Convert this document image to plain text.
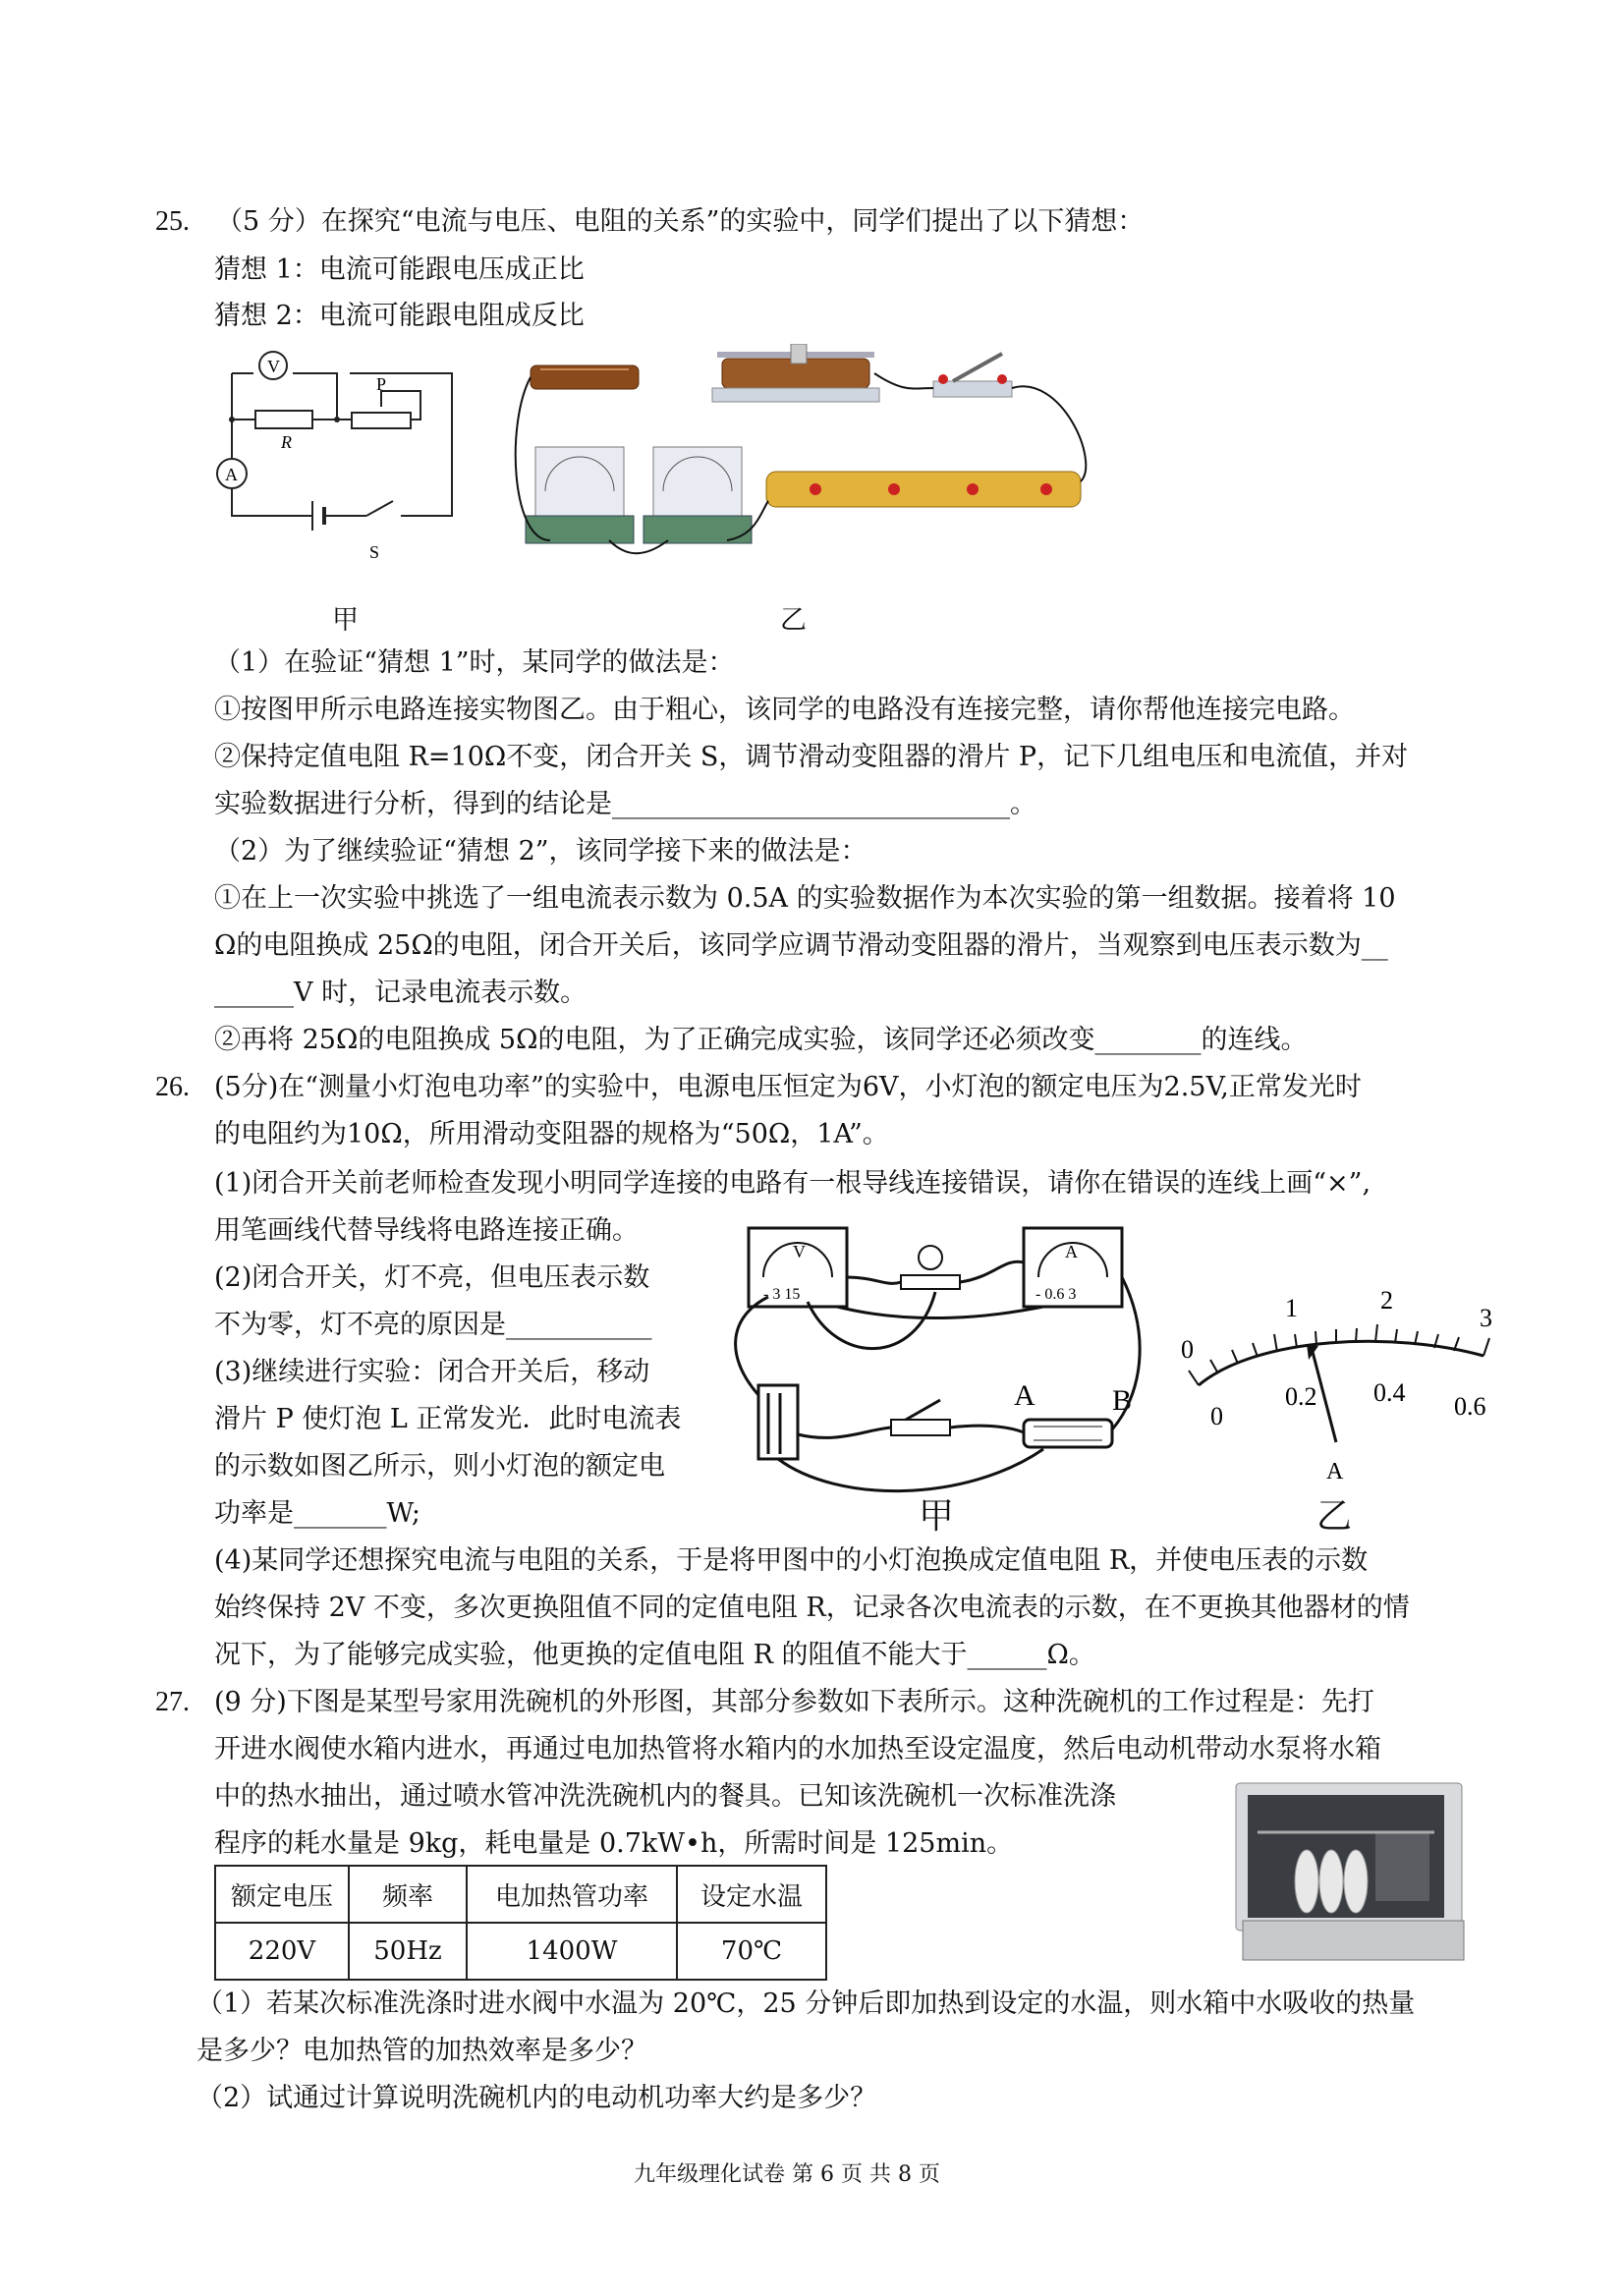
25. （5 分）在探究“电流与电压、电阻的关系”的实验中，同学们提出了以下猜想：
猜想 1：电流可能跟电压成正比
猜想 2：电流可能跟电阻成反比
V
A
R
P
S
甲	乙
（1）在验证“猜想 1”时，某同学的做法是：
①按图甲所示电路连接实物图乙。由于粗心，该同学的电路没有连接完整，请你帮他连接完电路。
②保持定值电阻 R=10Ω不变，闭合开关 S，调节滑动变阻器的滑片 P，记下几组电压和电流值，并对
实验数据进行分析，得到的结论是______________________________。
（2）为了继续验证“猜想 2”，该同学接下来的做法是：
①在上一次实验中挑选了一组电流表示数为 0.5A 的实验数据作为本次实验的第一组数据。接着将 10
Ω的电阻换成 25Ω的电阻，闭合开关后，该同学应调节滑动变阻器的滑片，当观察到电压表示数为__
______V 时，记录电流表示数。
②再将 25Ω的电阻换成 5Ω的电阻，为了正确完成实验，该同学还必须改变________的连线。
26. (5分)在“测量小灯泡电功率”的实验中，电源电压恒定为6V，小灯泡的额定电压为2.5V,正常发光时
的电阻约为10Ω，所用滑动变阻器的规格为“50Ω，1A”。
(1)闭合开关前老师检查发现小明同学连接的电路有一根导线连接错误，请你在错误的连线上画“×”,
用笔画线代替导线将电路连接正确。
(2)闭合开关，灯不亮，但电压表示数
不为零，灯不亮的原因是___________
(3)继续进行实验：闭合开关后，移动
滑片 P 使灯泡 L 正常发光．此时电流表
的示数如图乙所示，则小灯泡的额定电
功率是_______W;
V
- 3 15
A
- 0.6 3
A	B
0
1	2
3
0
0.2 0.4 0.6
A
甲	乙
(4)某同学还想探究电流与电阻的关系，于是将甲图中的小灯泡换成定值电阻 R，并使电压表的示数
始终保持 2V 不变，多次更换阻值不同的定值电阻 R，记录各次电流表的示数，在不更换其他器材的情
况下，为了能够完成实验，他更换的定值电阻 R 的阻值不能大于______Ω。
27. (9 分)下图是某型号家用洗碗机的外形图，其部分参数如下表所示。这种洗碗机的工作过程是：先打
开进水阀使水箱内进水，再通过电加热管将水箱内的水加热至设定温度，然后电动机带动水泵将水箱
中的热水抽出，通过喷水管冲洗洗碗机内的餐具。已知该洗碗机一次标准洗涤
程序的耗水量是 9kg，耗电量是 0.7kW•h，所需时间是 125min。
额定电压	频率	电加热管功率	设定水温
220V	50Hz	1400W	70℃
（1）若某次标准洗涤时进水阀中水温为 20℃，25 分钟后即加热到设定的水温，则水箱中水吸收的热量
是多少？电加热管的加热效率是多少？
（2）试通过计算说明洗碗机内的电动机功率大约是多少？
九年级理化试卷 第 6 页 共 8 页
